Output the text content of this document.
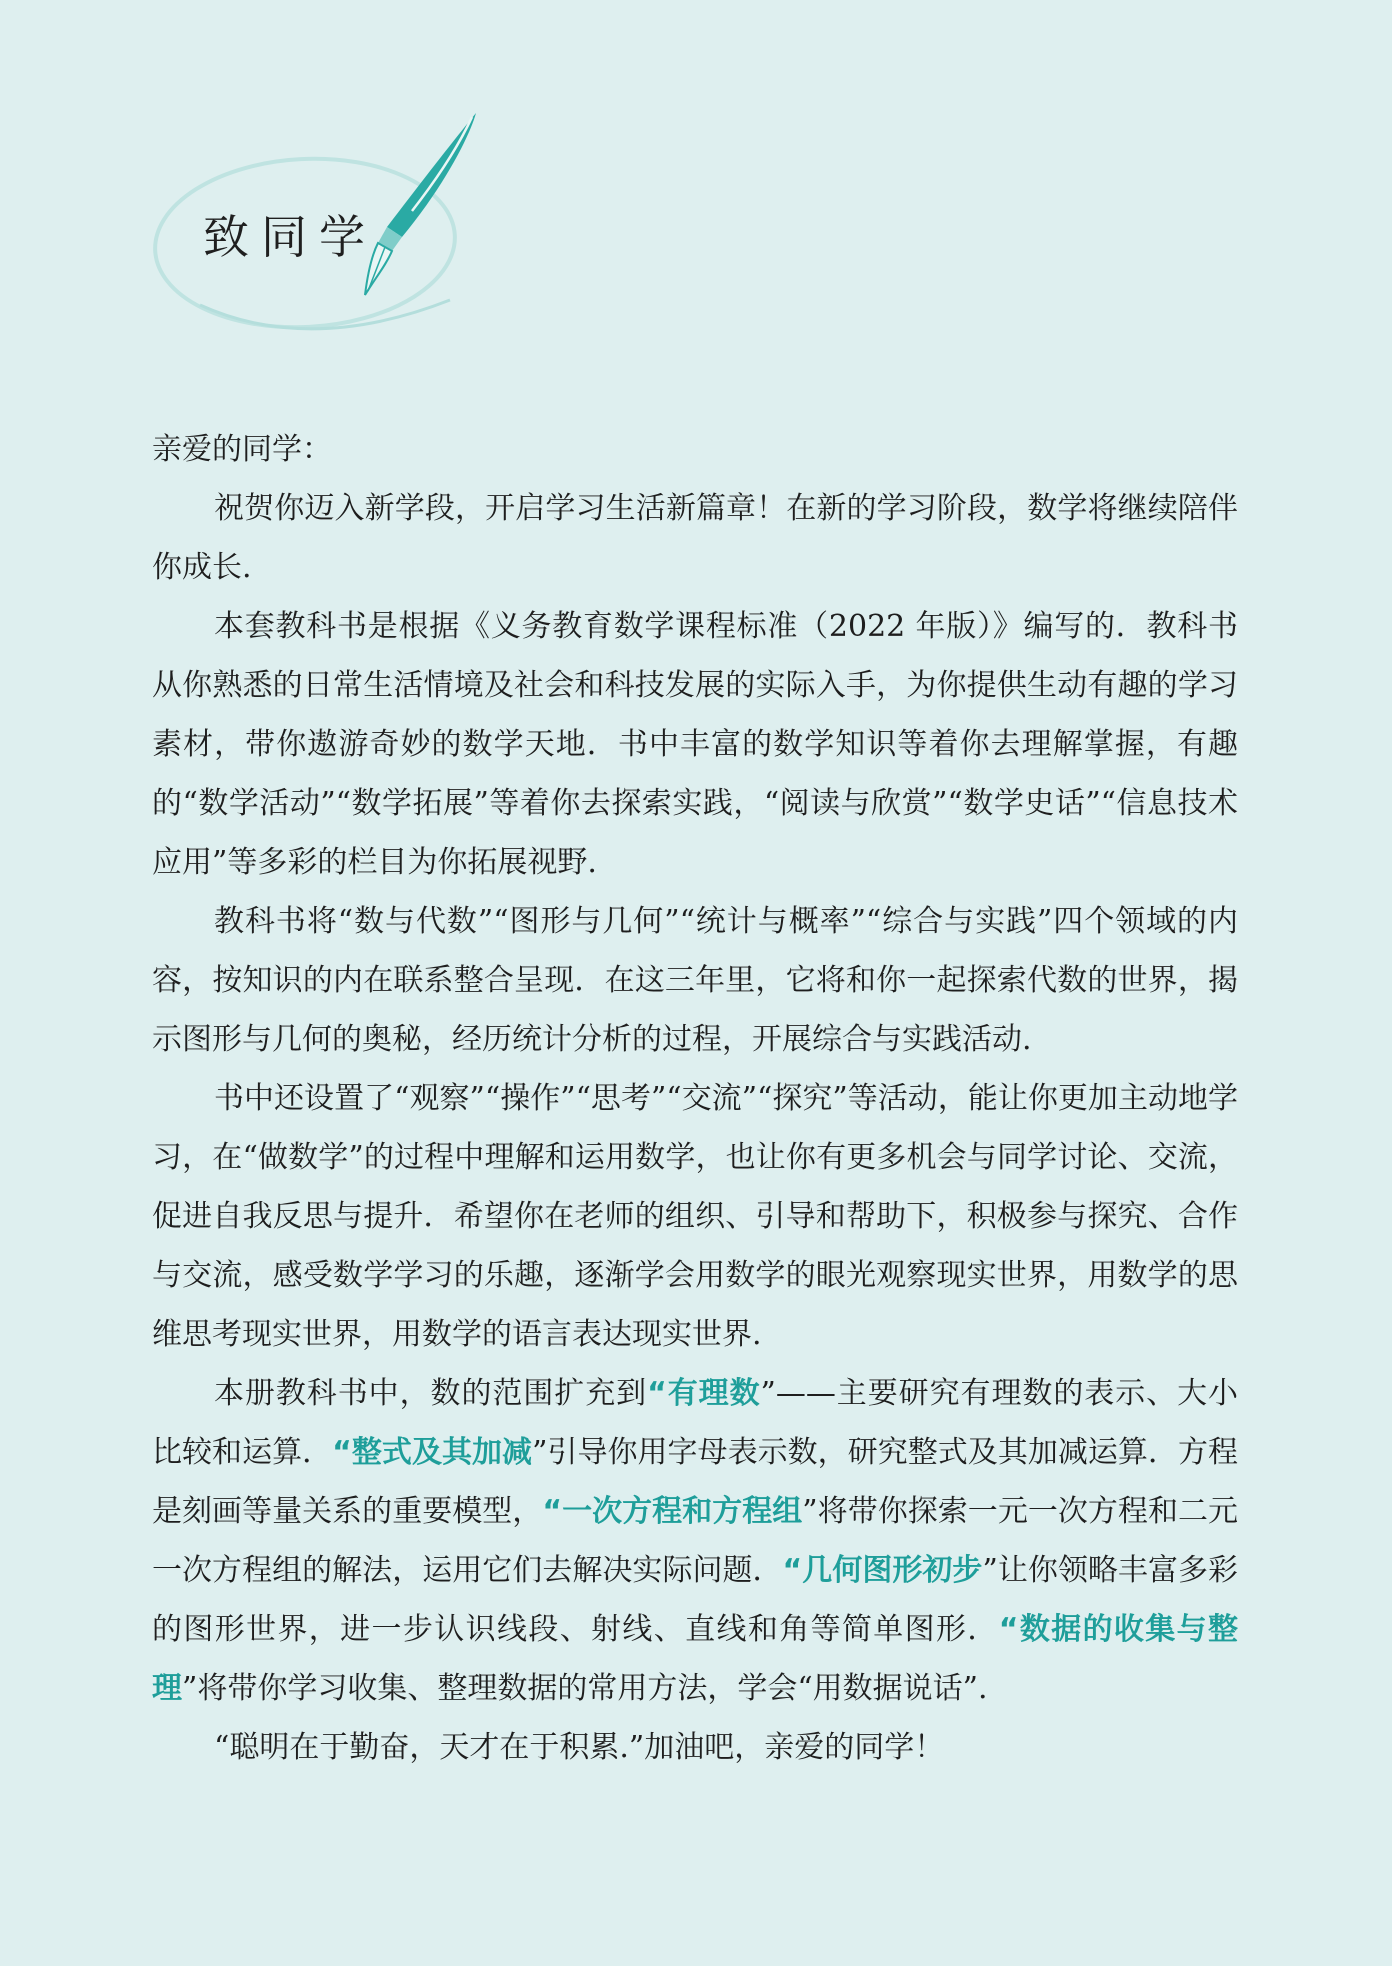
致同学

亲爱的同学：

祝贺你迈入新学段，开启学习生活新篇章！在新的学习阶段，数学将继续陪伴你成长.

本套教科书是根据《义务教育数学课程标准（2022 年版）》编写的．教科书从你熟悉的日常生活情境及社会和科技发展的实际入手，为你提供生动有趣的学习素材，带你遨游奇妙的数学天地．书中丰富的数学知识等着你去理解掌握，有趣的“数学活动”“数学拓展”等着你去探索实践，“阅读与欣赏”“数学史话”“信息技术应用”等多彩的栏目为你拓展视野.

教科书将“数与代数”“图形与几何”“统计与概率”“综合与实践”四个领域的内容，按知识的内在联系整合呈现．在这三年里，它将和你一起探索代数的世界，揭示图形与几何的奥秘，经历统计分析的过程，开展综合与实践活动.

书中还设置了“观察”“操作”“思考”“交流”“探究”等活动，能让你更加主动地学习，在“做数学”的过程中理解和运用数学，也让你有更多机会与同学讨论、交流，促进自我反思与提升．希望你在老师的组织、引导和帮助下，积极参与探究、合作与交流，感受数学学习的乐趣，逐渐学会用数学的眼光观察现实世界，用数学的思维思考现实世界，用数学的语言表达现实世界.

本册教科书中，数的范围扩充到“有理数”——主要研究有理数的表示、大小比较和运算．“整式及其加减”引导你用字母表示数，研究整式及其加减运算．方程是刻画等量关系的重要模型，“一次方程和方程组”将带你探索一元一次方程和二元一次方程组的解法，运用它们去解决实际问题．“几何图形初步”让你领略丰富多彩的图形世界，进一步认识线段、射线、直线和角等简单图形．“数据的收集与整理”将带你学习收集、整理数据的常用方法，学会“用数据说话”.

“聪明在于勤奋，天才在于积累.”加油吧，亲爱的同学！
